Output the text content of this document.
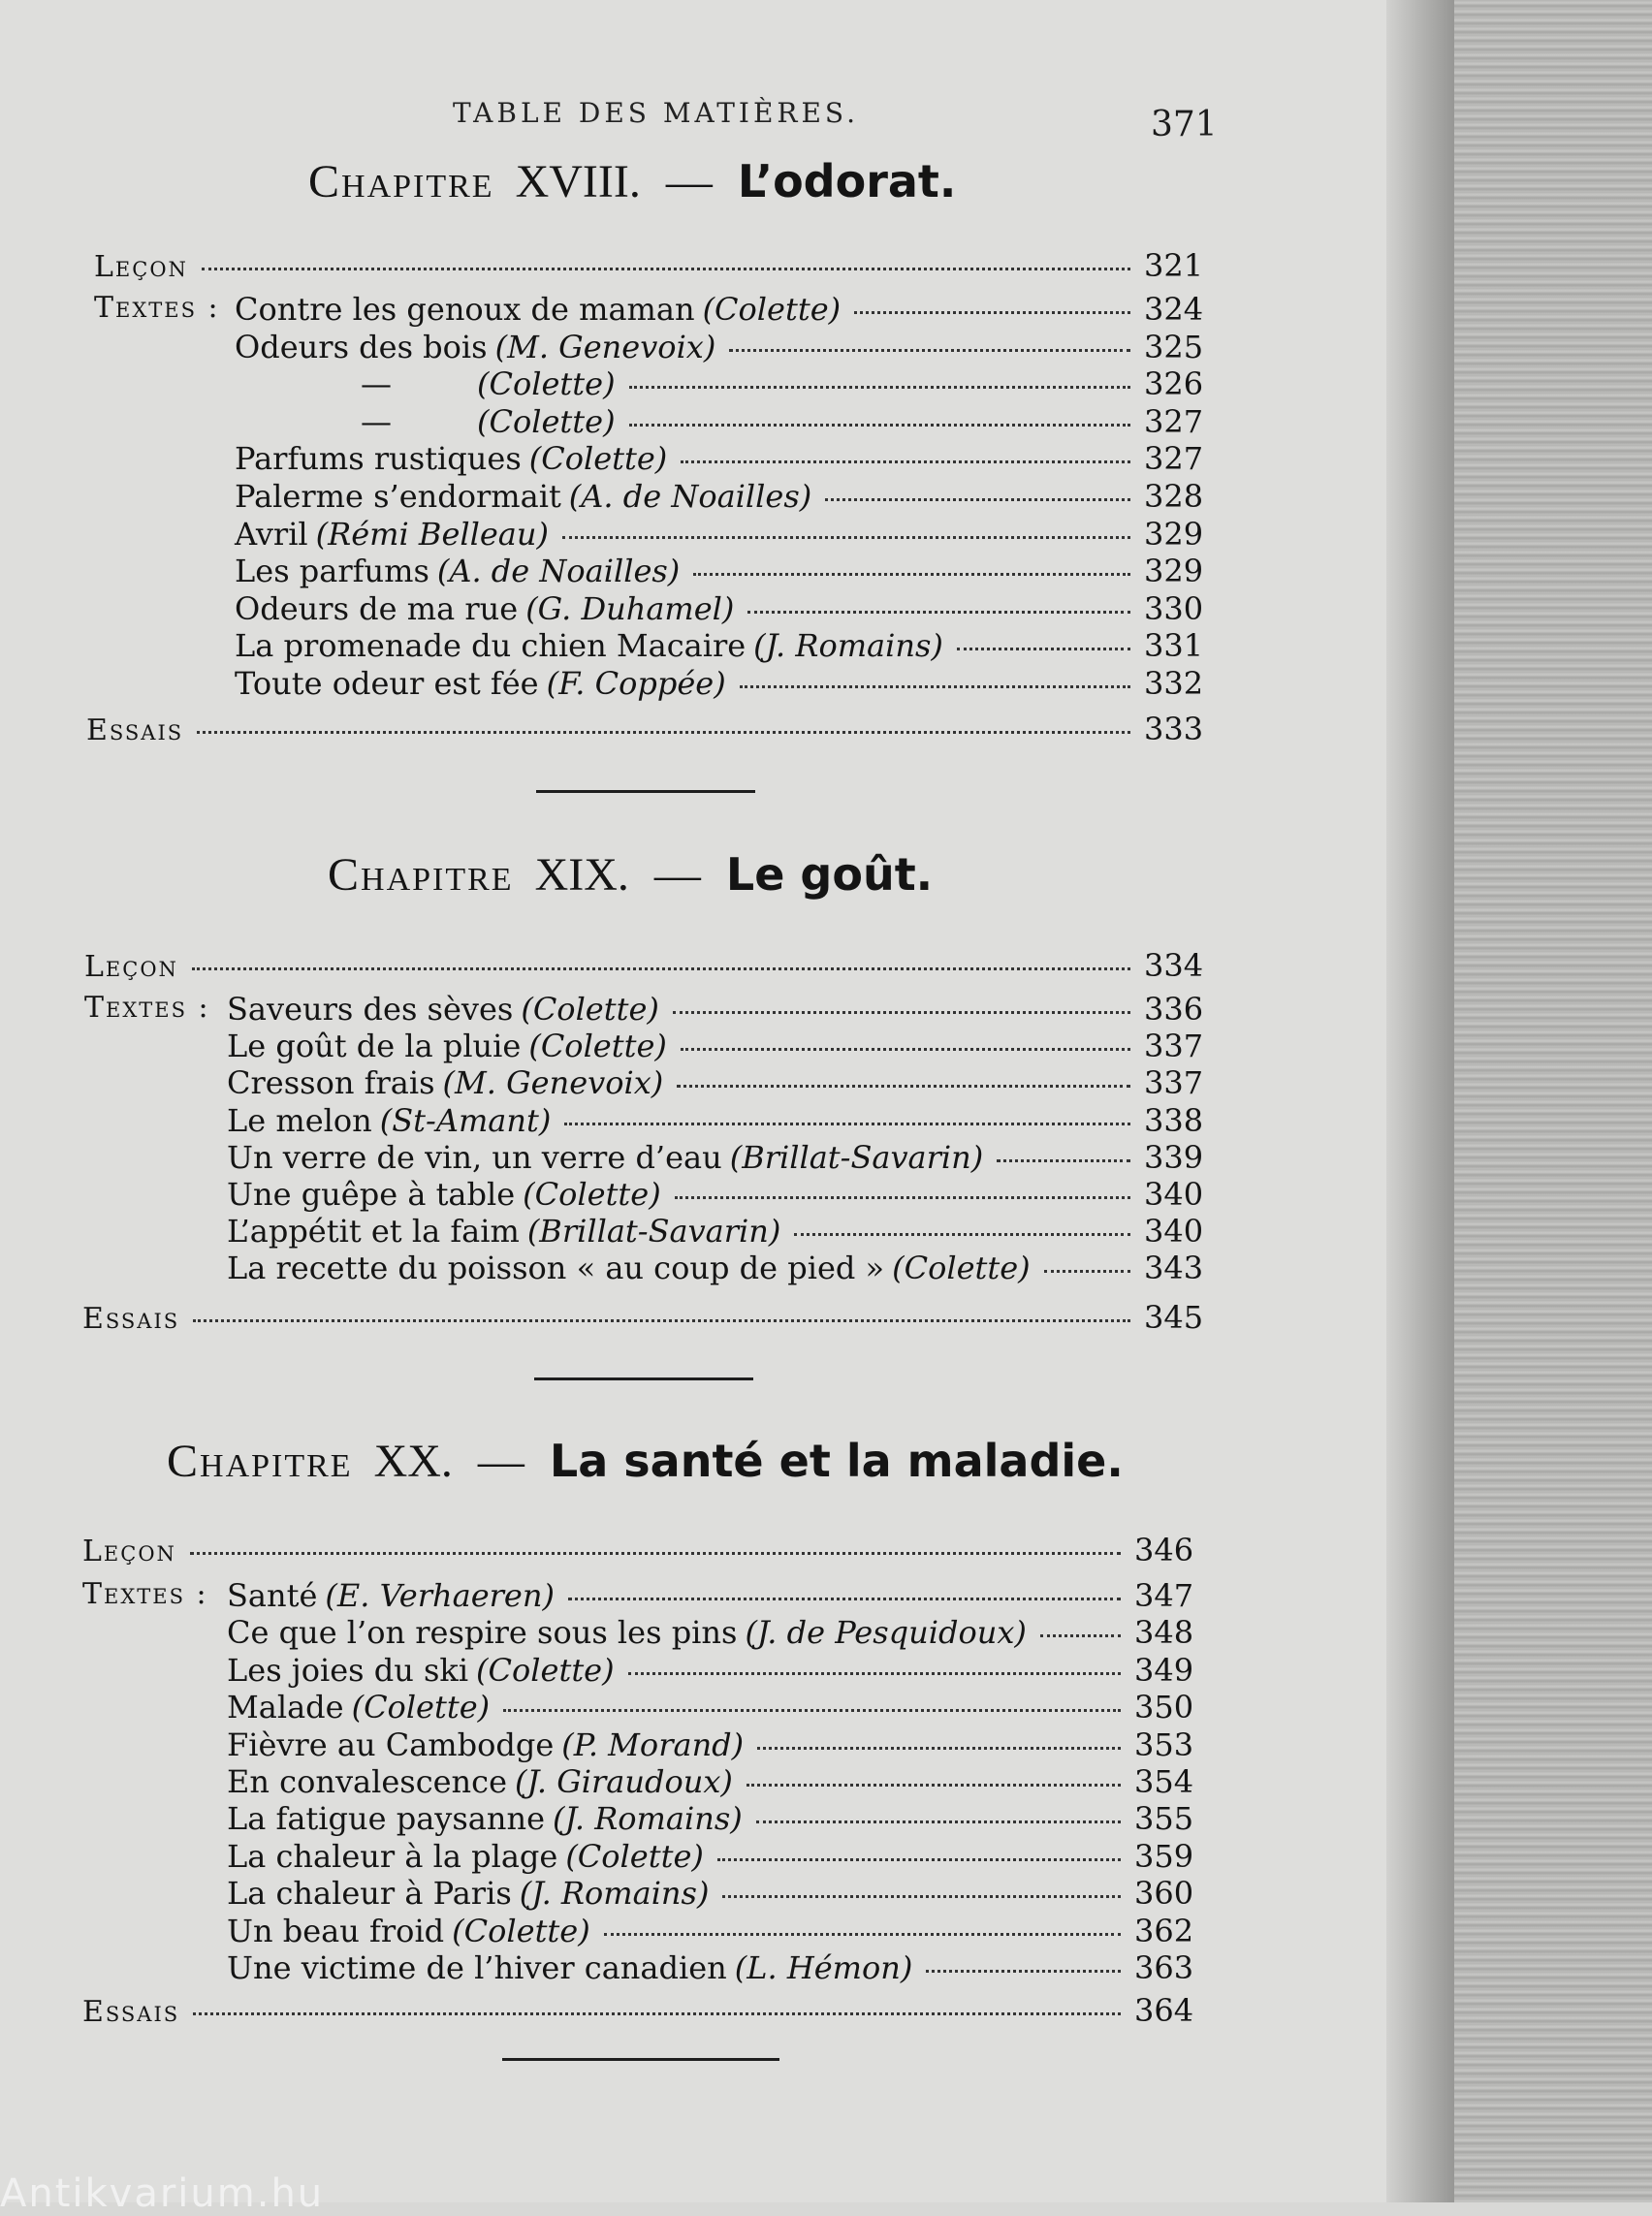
TABLE DES MATIÈRES.	371
Chapitre XVIII. — L’odorat.
Leçon	321
Textes : Contre les genoux de maman (Colette)	324
Odeurs des bois (M. Genevoix)	325
—	(Colette)	326
—	(Colette)	327
Parfums rustiques (Colette)	327
Palerme s’endormait (A. de Noailles)	328
Avril (Rémi Belleau)	329
Les parfums (A. de Noailles)	329
Odeurs de ma rue (G. Duhamel)	330
La promenade du chien Macaire (J. Romains)	331
Toute odeur est fée (F. Coppée)	332
Essais	333
Chapitre XIX. — Le goût.
Leçon	334
Textes : Saveurs des sèves (Colette)	336
Le goût de la pluie (Colette)	337
Cresson frais (M. Genevoix)	337
Le melon (St-Amant)	338
Un verre de vin, un verre d’eau (Brillat-Savarin)	339
Une guêpe à table (Colette)	340
L’appétit et la faim (Brillat-Savarin)	340
La recette du poisson « au coup de pied » (Colette)	343
Essais	345
Chapitre XX. — La santé et la maladie.
Leçon	346
Textes : Santé (E. Verhaeren)	347
Ce que l’on respire sous les pins (J. de Pesquidoux)	348
Les joies du ski (Colette)	349
Malade (Colette)	350
Fièvre au Cambodge (P. Morand)	353
En convalescence (J. Giraudoux)	354
La fatigue paysanne (J. Romains)	355
La chaleur à la plage (Colette)	359
La chaleur à Paris (J. Romains)	360
Un beau froid (Colette)	362
Une victime de l’hiver canadien (L. Hémon)	363
Essais	364
Antikvarium.hu
